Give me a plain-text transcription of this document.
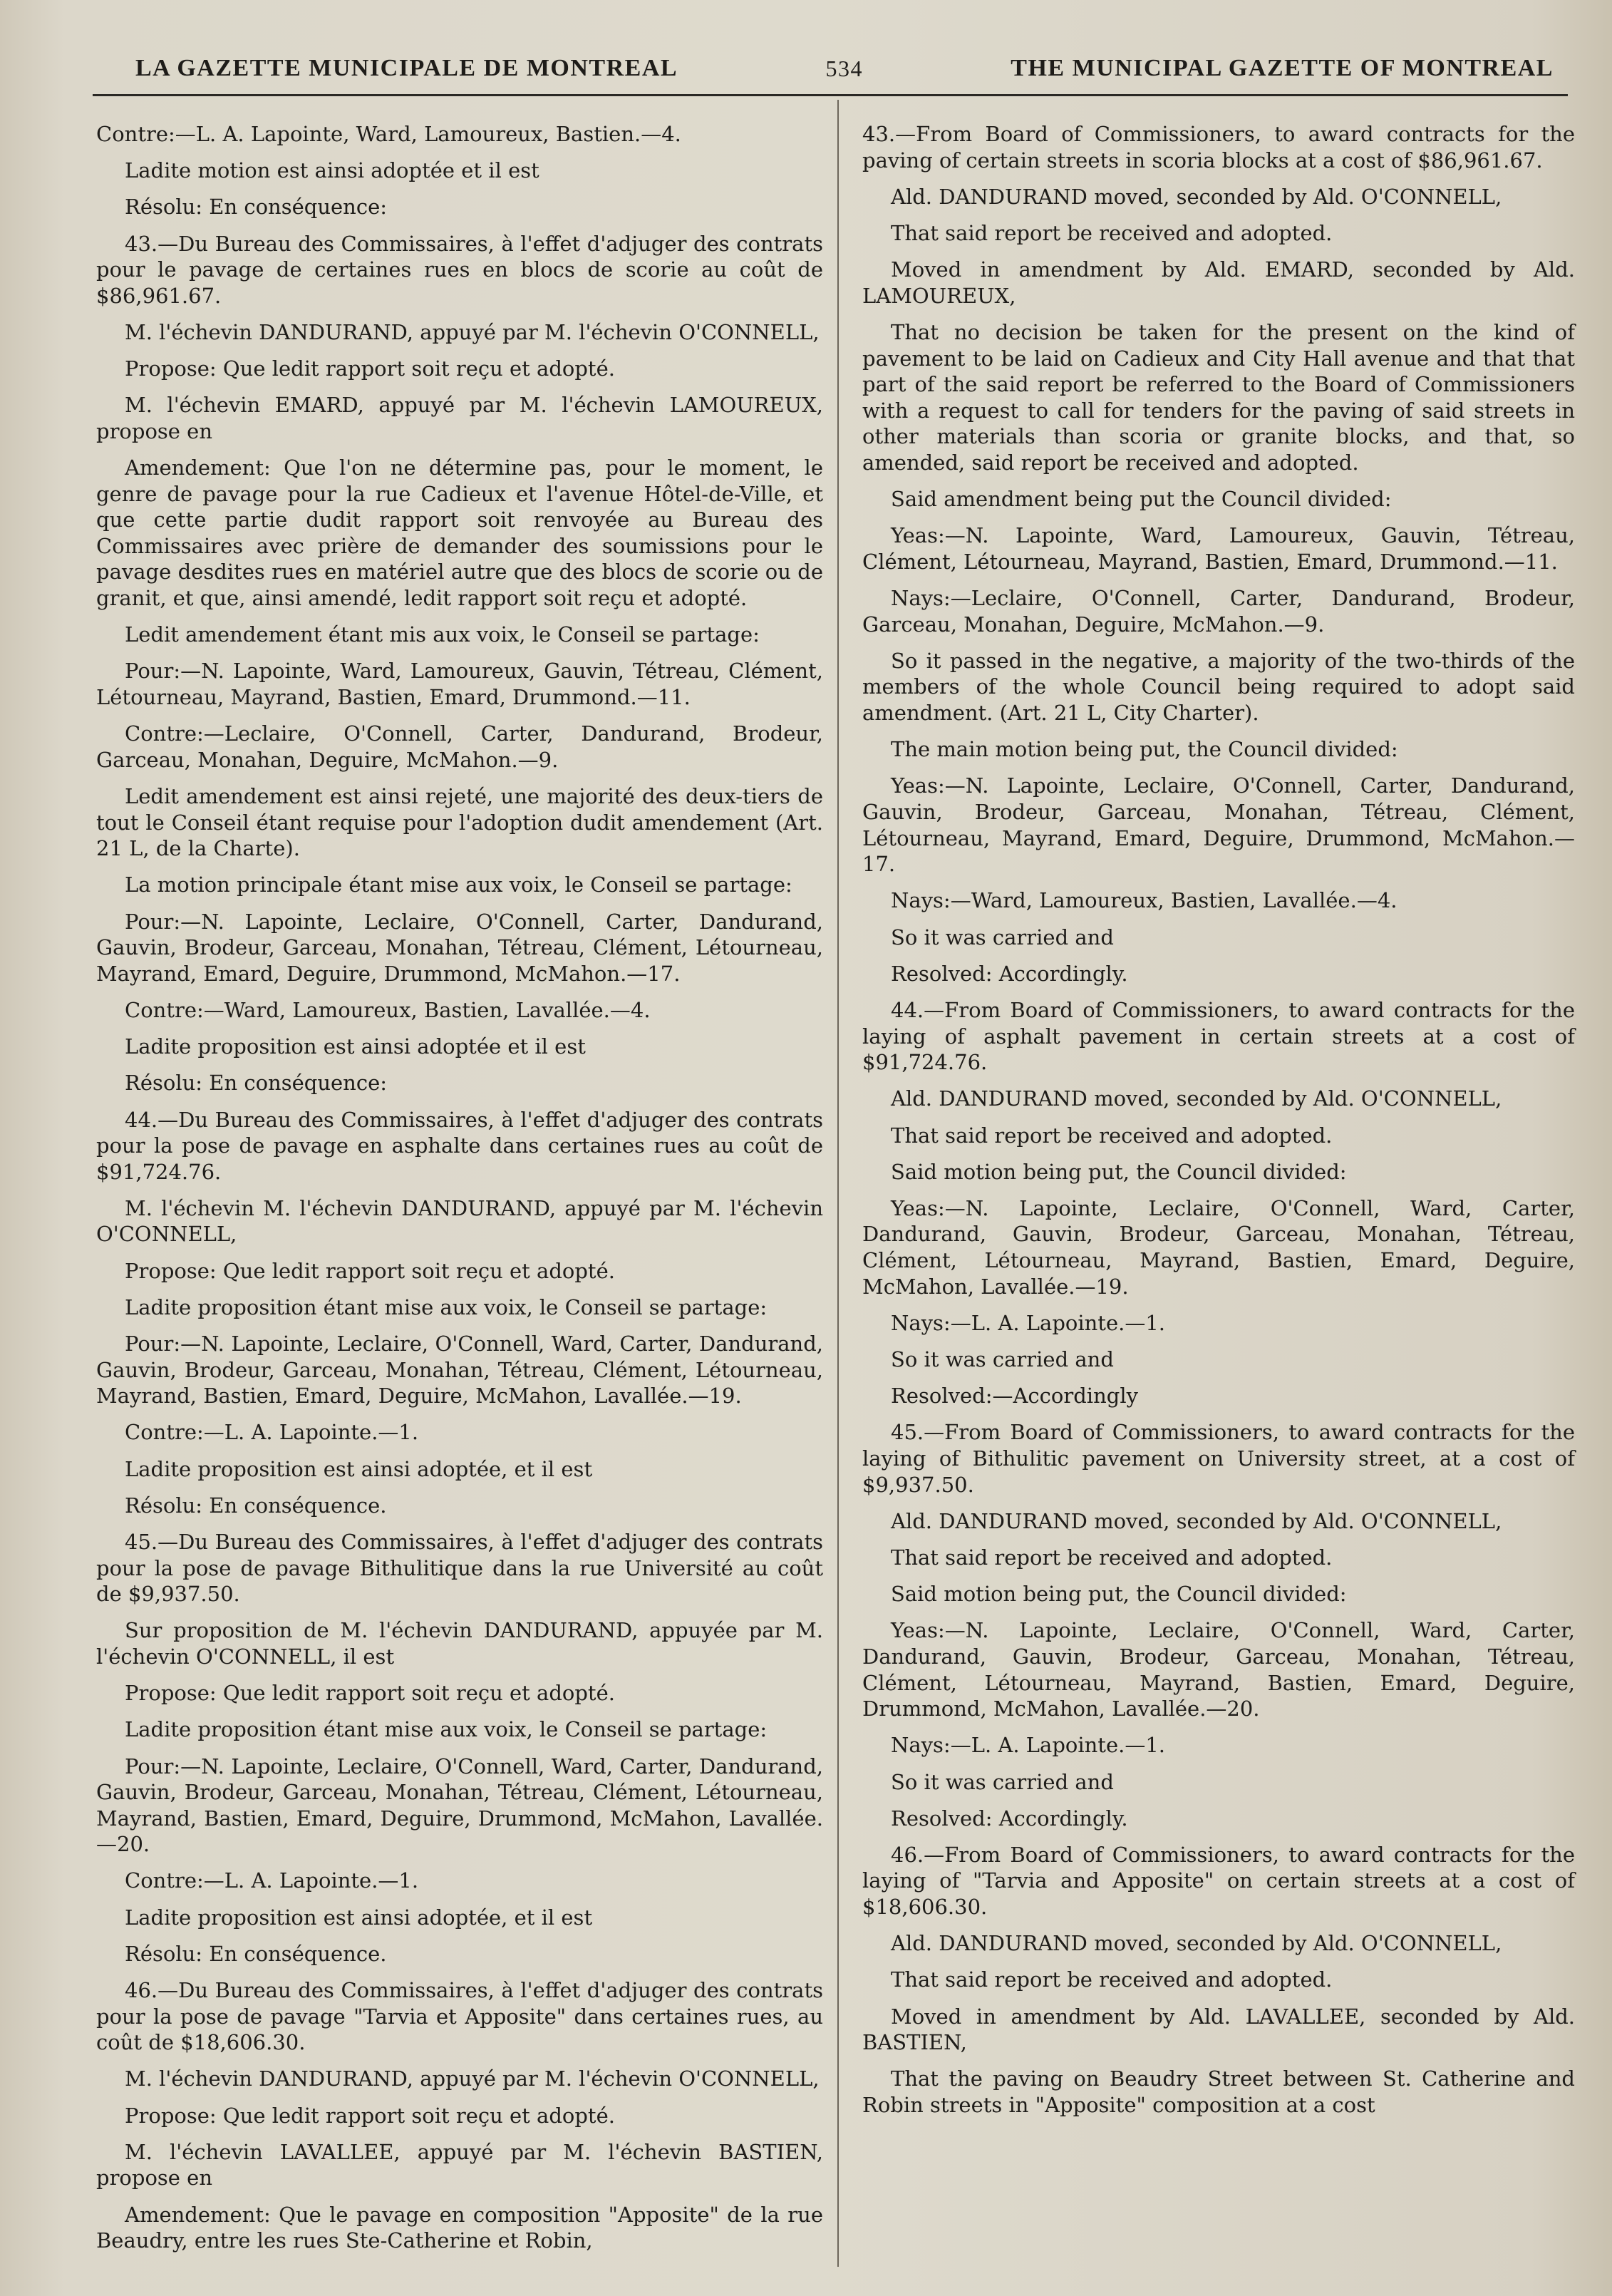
LA GAZETTE MUNICIPALE DE MONTREAL	534	THE MUNICIPAL GAZETTE OF MONTREAL

Contre:—L. A. Lapointe, Ward, Lamoureux, Bastien.—4.

Ladite motion est ainsi adoptée et il est

Résolu: En conséquence:

43.—Du Bureau des Commissaires, à l'effet d'adjuger des contrats pour le pavage de certaines rues en blocs de scorie au coût de $86,961.67.

M. l'échevin DANDURAND, appuyé par M. l'échevin O'CONNELL,

Propose: Que ledit rapport soit reçu et adopté.

M. l'échevin EMARD, appuyé par M. l'échevin LAMOUREUX, propose en

Amendement: Que l'on ne détermine pas, pour le moment, le genre de pavage pour la rue Cadieux et l'avenue Hôtel-de-Ville, et que cette partie dudit rapport soit renvoyée au Bureau des Commissaires avec prière de demander des soumissions pour le pavage desdites rues en matériel autre que des blocs de scorie ou de granit, et que, ainsi amendé, ledit rapport soit reçu et adopté.

Ledit amendement étant mis aux voix, le Conseil se partage:

Pour:—N. Lapointe, Ward, Lamoureux, Gauvin, Tétreau, Clément, Létourneau, Mayrand, Bastien, Emard, Drummond.—11.

Contre:—Leclaire, O'Connell, Carter, Dandurand, Brodeur, Garceau, Monahan, Deguire, McMahon.—9.

Ledit amendement est ainsi rejeté, une majorité des deux-tiers de tout le Conseil étant requise pour l'adoption dudit amendement (Art. 21 L, de la Charte).

La motion principale étant mise aux voix, le Conseil se partage:

Pour:—N. Lapointe, Leclaire, O'Connell, Carter, Dandurand, Gauvin, Brodeur, Garceau, Monahan, Tétreau, Clément, Létourneau, Mayrand, Emard, Deguire, Drummond, McMahon.—17.

Contre:—Ward, Lamoureux, Bastien, Lavallée.—4.

Ladite proposition est ainsi adoptée et il est

Résolu: En conséquence:

44.—Du Bureau des Commissaires, à l'effet d'adjuger des contrats pour la pose de pavage en asphalte dans certaines rues au coût de $91,724.76.

M. l'échevin M. l'échevin DANDURAND, appuyé par M. l'échevin O'CONNELL,

Propose: Que ledit rapport soit reçu et adopté.

Ladite proposition étant mise aux voix, le Conseil se partage:

Pour:—N. Lapointe, Leclaire, O'Connell, Ward, Carter, Dandurand, Gauvin, Brodeur, Garceau, Monahan, Tétreau, Clément, Létourneau, Mayrand, Bastien, Emard, Deguire, McMahon, Lavallée.—19.

Contre:—L. A. Lapointe.—1.

Ladite proposition est ainsi adoptée, et il est

Résolu: En conséquence.

45.—Du Bureau des Commissaires, à l'effet d'adjuger des contrats pour la pose de pavage Bithulitique dans la rue Université au coût de $9,937.50.

Sur proposition de M. l'échevin DANDURAND, appuyée par M. l'échevin O'CONNELL, il est

Propose: Que ledit rapport soit reçu et adopté.

Ladite proposition étant mise aux voix, le Conseil se partage:

Pour:—N. Lapointe, Leclaire, O'Connell, Ward, Carter, Dandurand, Gauvin, Brodeur, Garceau, Monahan, Tétreau, Clément, Létourneau, Mayrand, Bastien, Emard, Deguire, Drummond, McMahon, Lavallée.—20.

Contre:—L. A. Lapointe.—1.

Ladite proposition est ainsi adoptée, et il est

Résolu: En conséquence.

46.—Du Bureau des Commissaires, à l'effet d'adjuger des contrats pour la pose de pavage "Tarvia et Apposite" dans certaines rues, au coût de $18,606.30.

M. l'échevin DANDURAND, appuyé par M. l'échevin O'CONNELL,

Propose: Que ledit rapport soit reçu et adopté.

M. l'échevin LAVALLEE, appuyé par M. l'échevin BASTIEN, propose en

Amendement: Que le pavage en composition "Apposite" de la rue Beaudry, entre les rues Ste-Catherine et Robin,

43.—From Board of Commissioners, to award contracts for the paving of certain streets in scoria blocks at a cost of $86,961.67.

Ald. DANDURAND moved, seconded by Ald. O'CONNELL,

That said report be received and adopted.

Moved in amendment by Ald. EMARD, seconded by Ald. LAMOUREUX,

That no decision be taken for the present on the kind of pavement to be laid on Cadieux and City Hall avenue and that that part of the said report be referred to the Board of Commissioners with a request to call for tenders for the paving of said streets in other materials than scoria or granite blocks, and that, so amended, said report be received and adopted.

Said amendment being put the Council divided:

Yeas:—N. Lapointe, Ward, Lamoureux, Gauvin, Tétreau, Clément, Létourneau, Mayrand, Bastien, Emard, Drummond.—11.

Nays:—Leclaire, O'Connell, Carter, Dandurand, Brodeur, Garceau, Monahan, Deguire, McMahon.—9.

So it passed in the negative, a majority of the two-thirds of the members of the whole Council being required to adopt said amendment. (Art. 21 L, City Charter).

The main motion being put, the Council divided:

Yeas:—N. Lapointe, Leclaire, O'Connell, Carter, Dandurand, Gauvin, Brodeur, Garceau, Monahan, Tétreau, Clément, Létourneau, Mayrand, Emard, Deguire, Drummond, McMahon.—17.

Nays:—Ward, Lamoureux, Bastien, Lavallée.—4.

So it was carried and

Resolved: Accordingly.

44.—From Board of Commissioners, to award contracts for the laying of asphalt pavement in certain streets at a cost of $91,724.76.

Ald. DANDURAND moved, seconded by Ald. O'CONNELL,

That said report be received and adopted.

Said motion being put, the Council divided:

Yeas:—N. Lapointe, Leclaire, O'Connell, Ward, Carter, Dandurand, Gauvin, Brodeur, Garceau, Monahan, Tétreau, Clément, Létourneau, Mayrand, Bastien, Emard, Deguire, McMahon, Lavallée.—19.

Nays:—L. A. Lapointe.—1.

So it was carried and

Resolved:—Accordingly

45.—From Board of Commissioners, to award contracts for the laying of Bithulitic pavement on University street, at a cost of $9,937.50.

Ald. DANDURAND moved, seconded by Ald. O'CONNELL,

That said report be received and adopted.

Said motion being put, the Council divided:

Yeas:—N. Lapointe, Leclaire, O'Connell, Ward, Carter, Dandurand, Gauvin, Brodeur, Garceau, Monahan, Tétreau, Clément, Létourneau, Mayrand, Bastien, Emard, Deguire, Drummond, McMahon, Lavallée.—20.

Nays:—L. A. Lapointe.—1.

So it was carried and

Resolved: Accordingly.

46.—From Board of Commissioners, to award contracts for the laying of "Tarvia and Apposite" on certain streets at a cost of $18,606.30.

Ald. DANDURAND moved, seconded by Ald. O'CONNELL,

That said report be received and adopted.

Moved in amendment by Ald. LAVALLEE, seconded by Ald. BASTIEN,

That the paving on Beaudry Street between St. Catherine and Robin streets in "Apposite" composition at a cost
